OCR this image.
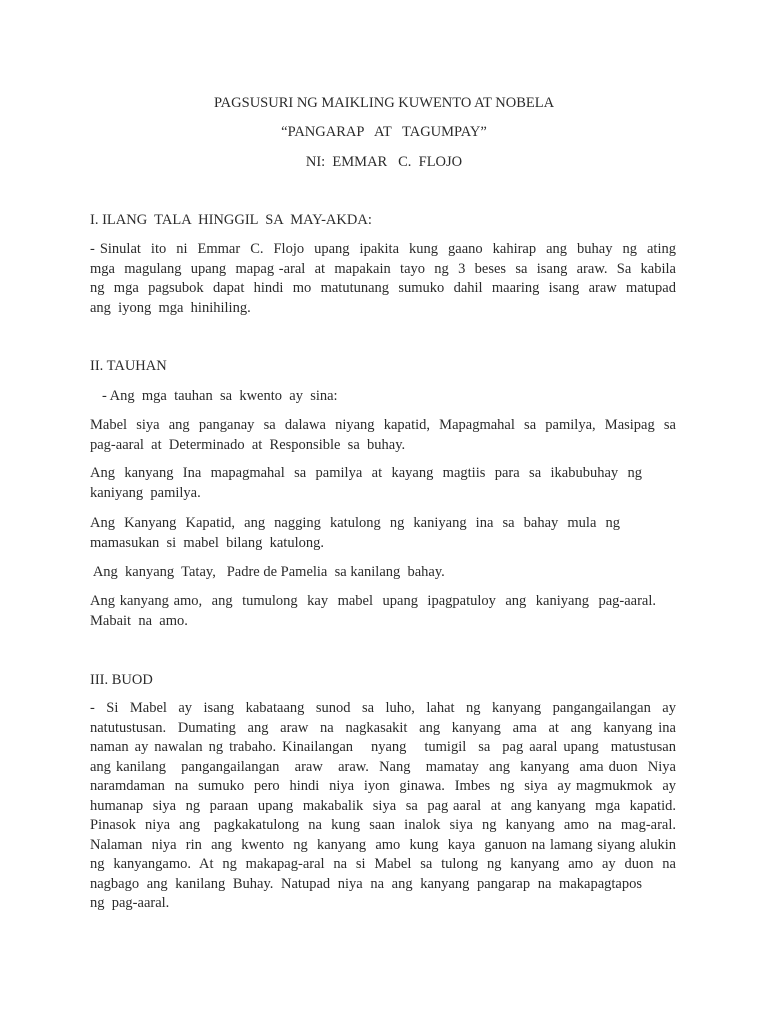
PAGSUSURI NG MAIKLING KUWENTO AT NOBELA
“PANGARAP   AT   TAGUMPAY”
NI:  EMMAR   C.  FLOJO
I. ILANG  TALA  HINGGIL  SA  MAY-AKDA:
- Sinulat  ito  ni  Emmar  C.  Flojo  upang  ipakita  kung  gaano  kahirap  ang  buhay  ng  ating
mga  magulang  upang  mapag -aral  at  mapakain  tayo  ng  3  beses  sa  isang  araw.  Sa  kabila
ng  mga  pagsubok  dapat  hindi  mo  matutunang  sumuko  dahil  maaring  isang  araw  matupad
ang  iyong  mga  hinihiling.
II. TAUHAN
- Ang  mga  tauhan  sa  kwento  ay  sina:
Mabel  siya  ang  panganay  sa  dalawa  niyang  kapatid,  Mapagmahal  sa  pamilya,  Masipag  sa
pag-aaral  at  Determinado  at  Responsible  sa  buhay.
Ang  kanyang  Ina  mapagmahal  sa  pamilya  at  kayang  magtiis  para  sa  ikabubuhay  ng
kaniyang  pamilya.
Ang  Kanyang  Kapatid,  ang  nagging  katulong  ng  kaniyang  ina  sa  bahay  mula  ng
mamasukan  si  mabel  bilang  katulong.
Ang  kanyang  Tatay,   Padre de Pamelia  sa kanilang  bahay.
Ang kanyang amo,  ang  tumulong  kay  mabel  upang  ipagpatuloy  ang  kaniyang  pag-aaral.
Mabait  na  amo.
III. BUOD
-  Si  Mabel  ay  isang  kabataang  sunod  sa  luho,  lahat  ng  kanyang  pangangailangan  ay
natutustusan.  Dumating  ang  araw  na  nagkasakit  ang  kanyang  ama  at  ang  kanyang ina
naman ay nawalan ng trabaho. Kinailangan   nyang   tumigil  sa  pag aaral upang  matustusan
ang kanilang   pangangailangan   araw   araw.  Nang   mamatay  ang  kanyang  ama duon  Niya
naramdaman  na  sumuko  pero  hindi  niya  iyon  ginawa.  Imbes  ng  siya  ay magmukmok  ay
humanap  siya  ng  paraan  upang  makabalik  siya  sa  pag aaral  at  ang kanyang  mga  kapatid.
Pinasok  niya  ang   pagkakatulong  na  kung  saan  inalok  siya  ng  kanyang  amo  na  mag-aral.
Nalaman  niya  rin  ang  kwento  ng  kanyang  amo  kung  kaya  ganuon na lamang siyang alukin
ng  kanyangamo.  At  ng  makapag-aral  na  si  Mabel  sa  tulong  ng  kanyang  amo  ay  duon  na
nagbago  ang  kanilang  Buhay.  Natupad  niya  na  ang  kanyang  pangarap  na  makapagtapos
ng  pag-aaral.
